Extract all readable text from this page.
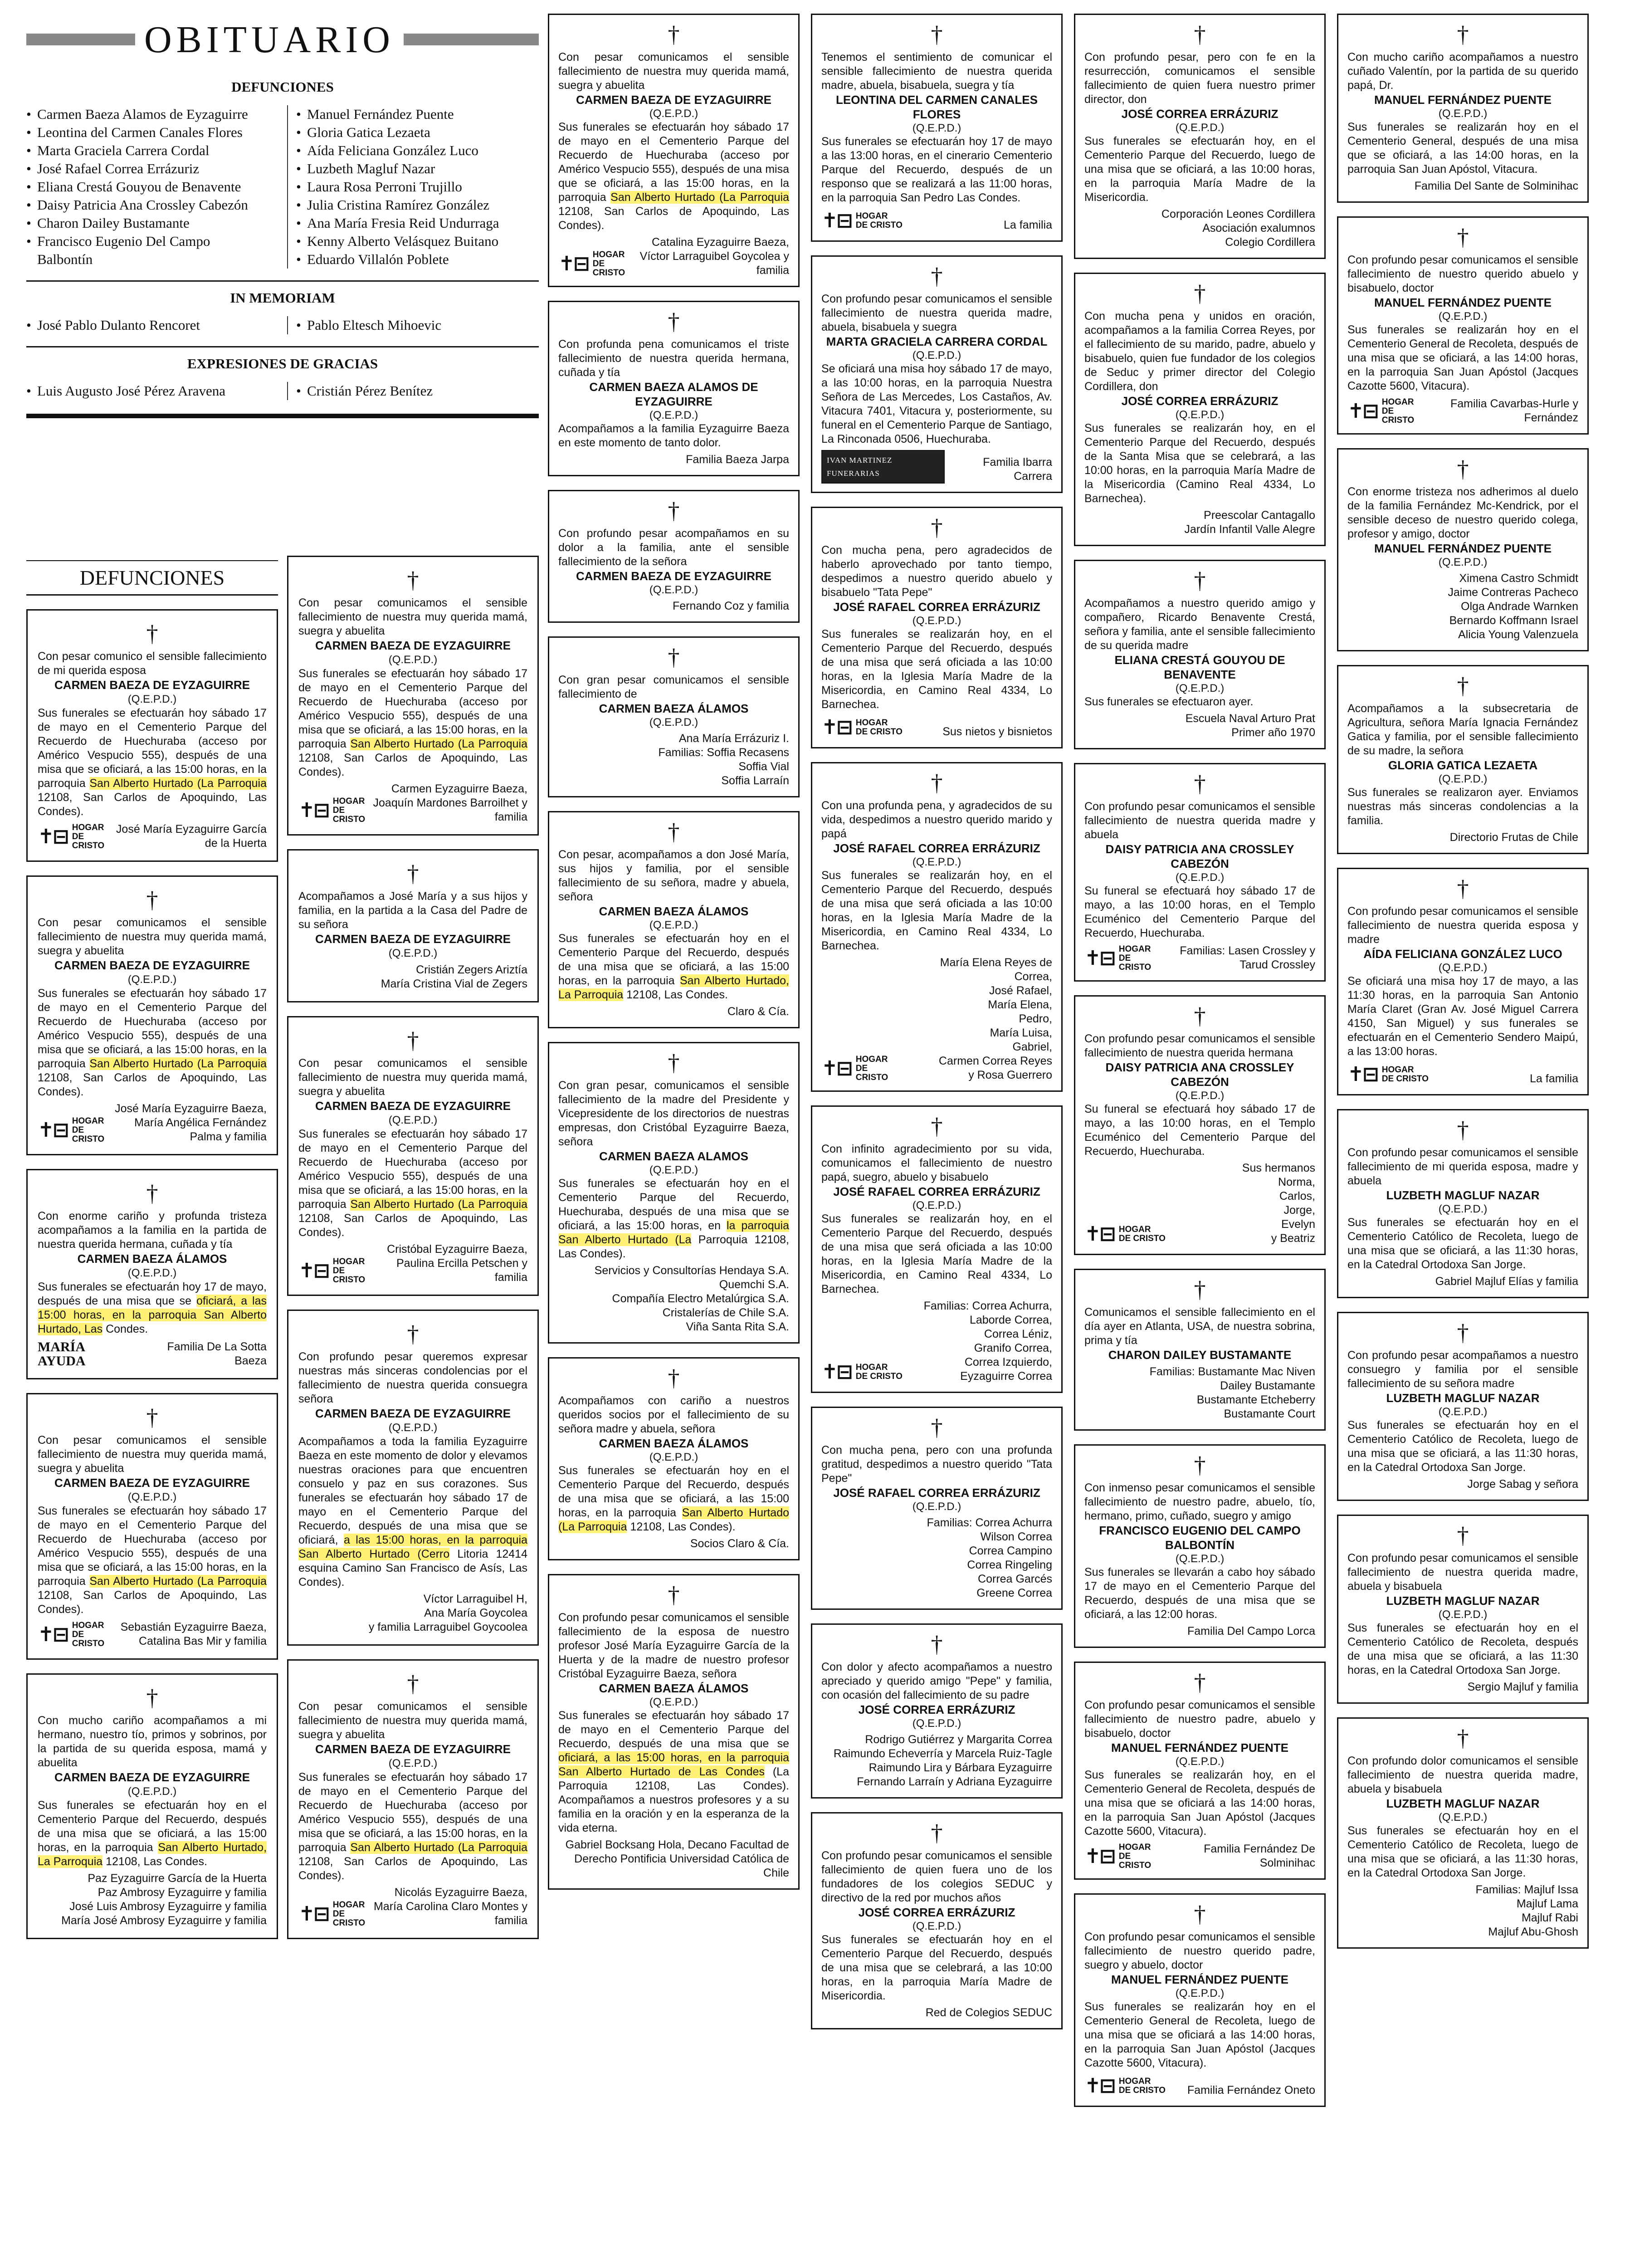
OBITUARIO
DEFUNCIONES
• Carmen Baeza Alamos de Eyzaguirre
• Leontina del Carmen Canales Flores
• Marta Graciela Carrera Cordal
• José Rafael Correa Errázuriz
• Eliana Crestá Gouyou de Benavente
• Daisy Patricia Ana Crossley Cabezón
• Charon Dailey Bustamante
• Francisco Eugenio Del Campo Balbontín
• Manuel Fernández Puente
• Gloria Gatica Lezaeta
• Aída Feliciana González Luco
• Luzbeth Magluf Nazar
• Laura Rosa Perroni Trujillo
• Julia Cristina Ramírez González
• Ana María Fresia Reid Undurraga
• Kenny Alberto Velásquez Buitano
• Eduardo Villalón Poblete
IN MEMORIAM
• José Pablo Dulanto Rencoret	• Pablo Eltesch Mihoevic
EXPRESIONES DE GRACIAS
• Luis Augusto José Pérez Aravena	• Cristián Pérez Benítez
DEFUNCIONES
†
Con pesar comunico el sensible fallecimiento de mi querida esposa
CARMEN BAEZA DE EYZAGUIRRE
(Q.E.P.D.)
Sus funerales se efectuarán hoy sábado 17 de mayo en el Cementerio Parque del Recuerdo de Huechuraba (acceso por Américo Vespucio 555), después de una misa que se oficiará, a las 15:00 horas, en la parroquia San Alberto Hurtado (La Parroquia 12108, San Carlos de Apoquindo, Las Condes).
✝⊟ HOGAR
DE CRISTO
José María Eyzaguirre García de la Huerta
†
Con pesar comunicamos el sensible fallecimiento de nuestra muy querida mamá, suegra y abuelita
CARMEN BAEZA DE EYZAGUIRRE
(Q.E.P.D.)
Sus funerales se efectuarán hoy sábado 17 de mayo en el Cementerio Parque del Recuerdo de Huechuraba (acceso por Américo Vespucio 555), después de una misa que se oficiará, a las 15:00 horas, en la parroquia San Alberto Hurtado (La Parroquia 12108, San Carlos de Apoquindo, Las Condes).
✝⊟ HOGAR
DE CRISTO
José María Eyzaguirre Baeza, María Angélica Fernández Palma y familia
†
Con enorme cariño y profunda tristeza acompañamos a la familia en la partida de nuestra querida hermana, cuñada y tía
CARMEN BAEZA ÁLAMOS
(Q.E.P.D.)
Sus funerales se efectuarán hoy 17 de mayo, después de una misa que se oficiará, a las 15:00 horas, en la parroquia San Alberto Hurtado, Las Condes.
MARÍA AYUDA
Familia De La Sotta Baeza
†
Con pesar comunicamos el sensible fallecimiento de nuestra muy querida mamá, suegra y abuelita
CARMEN BAEZA DE EYZAGUIRRE
(Q.E.P.D.)
Sus funerales se efectuarán hoy sábado 17 de mayo en el Cementerio Parque del Recuerdo de Huechuraba (acceso por Américo Vespucio 555), después de una misa que se oficiará, a las 15:00 horas, en la parroquia San Alberto Hurtado (La Parroquia 12108, San Carlos de Apoquindo, Las Condes).
✝⊟ HOGAR
DE CRISTO
Sebastián Eyzaguirre Baeza, Catalina Bas Mir y familia
†
Con mucho cariño acompañamos a mi hermano, nuestro tío, primos y sobrinos, por la partida de su querida esposa, mamá y abuelita
CARMEN BAEZA DE EYZAGUIRRE
(Q.E.P.D.)
Sus funerales se efectuarán hoy en el Cementerio Parque del Recuerdo, después de una misa que se oficiará, a las 15:00 horas, en la parroquia San Alberto Hurtado, La Parroquia 12108, Las Condes.
Paz Eyzaguirre García de la Huerta
Paz Ambrosy Eyzaguirre y familia
José Luis Ambrosy Eyzaguirre y familia
María José Ambrosy Eyzaguirre y familia
†
Con pesar comunicamos el sensible fallecimiento de nuestra muy querida mamá, suegra y abuelita
CARMEN BAEZA DE EYZAGUIRRE
(Q.E.P.D.)
Sus funerales se efectuarán hoy sábado 17 de mayo en el Cementerio Parque del Recuerdo de Huechuraba (acceso por Américo Vespucio 555), después de una misa que se oficiará, a las 15:00 horas, en la parroquia San Alberto Hurtado (La Parroquia 12108, San Carlos de Apoquindo, Las Condes).
✝⊟ HOGAR
DE CRISTO
Carmen Eyzaguirre Baeza, Joaquín Mardones Barroilhet y familia
†
Acompañamos a José María y a sus hijos y familia, en la partida a la Casa del Padre de su señora
CARMEN BAEZA DE EYZAGUIRRE
(Q.E.P.D.)
Cristián Zegers Ariztía
María Cristina Vial de Zegers
†
Con pesar comunicamos el sensible fallecimiento de nuestra muy querida mamá, suegra y abuelita
CARMEN BAEZA DE EYZAGUIRRE
(Q.E.P.D.)
Sus funerales se efectuarán hoy sábado 17 de mayo en el Cementerio Parque del Recuerdo de Huechuraba (acceso por Américo Vespucio 555), después de una misa que se oficiará, a las 15:00 horas, en la parroquia San Alberto Hurtado (La Parroquia 12108, San Carlos de Apoquindo, Las Condes).
✝⊟ HOGAR
DE CRISTO
Cristóbal Eyzaguirre Baeza, Paulina Ercilla Petschen y familia
†
Con profundo pesar queremos expresar nuestras más sinceras condolencias por el fallecimiento de nuestra querida consuegra señora
CARMEN BAEZA DE EYZAGUIRRE
(Q.E.P.D.)
Acompañamos a toda la familia Eyzaguirre Baeza en este momento de dolor y elevamos nuestras oraciones para que encuentren consuelo y paz en sus corazones. Sus funerales se efectuarán hoy sábado 17 de mayo en el Cementerio Parque del Recuerdo, después de una misa que se oficiará, a las 15:00 horas, en la parroquia San Alberto Hurtado (Cerro Litoria 12414 esquina Camino San Francisco de Asís, Las Condes).
Víctor Larraguibel H,
Ana María Goycolea
y familia Larraguibel Goycoolea
†
Con pesar comunicamos el sensible fallecimiento de nuestra muy querida mamá, suegra y abuelita
CARMEN BAEZA DE EYZAGUIRRE
(Q.E.P.D.)
Sus funerales se efectuarán hoy sábado 17 de mayo en el Cementerio Parque del Recuerdo de Huechuraba (acceso por Américo Vespucio 555), después de una misa que se oficiará, a las 15:00 horas, en la parroquia San Alberto Hurtado (La Parroquia 12108, San Carlos de Apoquindo, Las Condes).
✝⊟ HOGAR
DE CRISTO
Nicolás Eyzaguirre Baeza, María Carolina Claro Montes y familia
†
Con pesar comunicamos el sensible fallecimiento de nuestra muy querida mamá, suegra y abuelita
CARMEN BAEZA DE EYZAGUIRRE
(Q.E.P.D.)
Sus funerales se efectuarán hoy sábado 17 de mayo en el Cementerio Parque del Recuerdo de Huechuraba (acceso por Américo Vespucio 555), después de una misa que se oficiará, a las 15:00 horas, en la parroquia San Alberto Hurtado (La Parroquia 12108, San Carlos de Apoquindo, Las Condes).
✝⊟ HOGAR
DE CRISTO
Catalina Eyzaguirre Baeza, Víctor Larraguibel Goycolea y familia
†
Con profunda pena comunicamos el triste fallecimiento de nuestra querida hermana, cuñada y tía
CARMEN BAEZA ALAMOS DE EYZAGUIRRE
(Q.E.P.D.)
Acompañamos a la familia Eyzaguirre Baeza en este momento de tanto dolor.
Familia Baeza Jarpa
†
Con profundo pesar acompañamos en su dolor a la familia, ante el sensible fallecimiento de la señora
CARMEN BAEZA DE EYZAGUIRRE
(Q.E.P.D.)
Fernando Coz y familia
†
Con gran pesar comunicamos el sensible fallecimiento de
CARMEN BAEZA ÁLAMOS
(Q.E.P.D.)
Ana María Errázuriz I.
Familias: Soffia Recasens
Soffia Vial
Soffia Larraín
†
Con pesar, acompañamos a don José María, sus hijos y familia, por el sensible fallecimiento de su señora, madre y abuela, señora
CARMEN BAEZA ÁLAMOS
(Q.E.P.D.)
Sus funerales se efectuarán hoy en el Cementerio Parque del Recuerdo, después de una misa que se oficiará, a las 15:00 horas, en la parroquia San Alberto Hurtado, La Parroquia 12108, Las Condes.
Claro & Cía.
†
Con gran pesar, comunicamos el sensible fallecimiento de la madre del Presidente y Vicepresidente de los directorios de nuestras empresas, don Cristóbal Eyzaguirre Baeza, señora
CARMEN BAEZA ALAMOS
(Q.E.P.D.)
Sus funerales se efectuarán hoy en el Cementerio Parque del Recuerdo, Huechuraba, después de una misa que se oficiará, a las 15:00 horas, en la parroquia San Alberto Hurtado (La Parroquia 12108, Las Condes).
Servicios y Consultorías Hendaya S.A.
Quemchi S.A.
Compañía Electro Metalúrgica S.A.
Cristalerías de Chile S.A.
Viña Santa Rita S.A.
†
Acompañamos con cariño a nuestros queridos socios por el fallecimiento de su señora madre y abuela, señora
CARMEN BAEZA ÁLAMOS
(Q.E.P.D.)
Sus funerales se efectuarán hoy en el Cementerio Parque del Recuerdo, después de una misa que se oficiará, a las 15:00 horas, en la parroquia San Alberto Hurtado (La Parroquia 12108, Las Condes).
Socios Claro & Cía.
†
Con profundo pesar comunicamos el sensible fallecimiento de la esposa de nuestro profesor José María Eyzaguirre García de la Huerta y de la madre de nuestro profesor Cristóbal Eyzaguirre Baeza, señora
CARMEN BAEZA ÁLAMOS
(Q.E.P.D.)
Sus funerales se efectuarán hoy sábado 17 de mayo en el Cementerio Parque del Recuerdo, después de una misa que se oficiará, a las 15:00 horas, en la parroquia San Alberto Hurtado de Las Condes (La Parroquia 12108, Las Condes). Acompañamos a nuestros profesores y a su familia en la oración y en la esperanza de la vida eterna.
Gabriel Bocksang Hola, Decano Facultad de Derecho Pontificia Universidad Católica de Chile
†
Tenemos el sentimiento de comunicar el sensible fallecimiento de nuestra querida madre, abuela, bisabuela, suegra y tía
LEONTINA DEL CARMEN CANALES FLORES
(Q.E.P.D.)
Sus funerales se efectuarán hoy 17 de mayo a las 13:00 horas, en el cinerario Cementerio Parque del Recuerdo, después de un responso que se realizará a las 11:00 horas, en la parroquia San Pedro Las Condes.
✝⊟ HOGAR
DE CRISTO	La familia
†
Con profundo pesar comunicamos el sensible fallecimiento de nuestra querida madre, abuela, bisabuela y suegra
MARTA GRACIELA CARRERA CORDAL
(Q.E.P.D.)
Se oficiará una misa hoy sábado 17 de mayo, a las 10:00 horas, en la parroquia Nuestra Señora de Las Mercedes, Los Castaños, Av. Vitacura 7401, Vitacura y, posteriormente, su funeral en el Cementerio Parque de Santiago, La Rinconada 0506, Huechuraba.
IVAN MARTINEZ FUNERARIAS
Familia Ibarra Carrera
†
Con mucha pena, pero agradecidos de haberlo aprovechado por tanto tiempo, despedimos a nuestro querido abuelo y bisabuelo "Tata Pepe"
JOSÉ RAFAEL CORREA ERRÁZURIZ
(Q.E.P.D.)
Sus funerales se realizarán hoy, en el Cementerio Parque del Recuerdo, después de una misa que será oficiada a las 10:00 horas, en la Iglesia María Madre de la Misericordia, en Camino Real 4334, Lo Barnechea.
✝⊟ HOGAR
DE CRISTO	Sus nietos y bisnietos
†
Con una profunda pena, y agradecidos de su vida, despedimos a nuestro querido marido y papá
JOSÉ RAFAEL CORREA ERRÁZURIZ
(Q.E.P.D.)
Sus funerales se realizarán hoy, en el Cementerio Parque del Recuerdo, después de una misa que será oficiada a las 10:00 horas, en la Iglesia María Madre de la Misericordia, en Camino Real 4334, Lo Barnechea.
✝⊟ HOGAR
DE CRISTO
María Elena Reyes de Correa,
José Rafael,
María Elena,
Pedro,
María Luisa,
Gabriel,
Carmen Correa Reyes
y Rosa Guerrero
†
Con infinito agradecimiento por su vida, comunicamos el fallecimiento de nuestro papá, suegro, abuelo y bisabuelo
JOSÉ RAFAEL CORREA ERRÁZURIZ
(Q.E.P.D.)
Sus funerales se realizarán hoy, en el Cementerio Parque del Recuerdo, después de una misa que será oficiada a las 10:00 horas, en la Iglesia María Madre de la Misericordia, en Camino Real 4334, Lo Barnechea.
✝⊟ HOGAR
DE CRISTO
Familias: Correa Achurra,
Laborde Correa,
Correa Léniz,
Granifo Correa,
Correa Izquierdo,
Eyzaguirre Correa
†
Con mucha pena, pero con una profunda gratitud, despedimos a nuestro querido "Tata Pepe"
JOSÉ RAFAEL CORREA ERRÁZURIZ
(Q.E.P.D.)
Familias: Correa Achurra
Wilson Correa
Correa Campino
Correa Ringeling
Correa Garcés
Greene Correa
†
Con dolor y afecto acompañamos a nuestro apreciado y querido amigo "Pepe" y familia, con ocasión del fallecimiento de su padre
JOSÉ CORREA ERRÁZURIZ
(Q.E.P.D.)
Rodrigo Gutiérrez y Margarita Correa
Raimundo Echeverría y Marcela Ruiz-Tagle
Raimundo Lira y Bárbara Eyzaguirre
Fernando Larraín y Adriana Eyzaguirre
†
Con profundo pesar comunicamos el sensible fallecimiento de quien fuera uno de los fundadores de los colegios SEDUC y directivo de la red por muchos años
JOSÉ CORREA ERRÁZURIZ
(Q.E.P.D.)
Sus funerales se efectuarán hoy en el Cementerio Parque del Recuerdo, después de una misa que se celebrará, a las 10:00 horas, en la parroquia María Madre de Misericordia.
Red de Colegios SEDUC
†
Con profundo pesar, pero con fe en la resurrección, comunicamos el sensible fallecimiento de quien fuera nuestro primer director, don
JOSÉ CORREA ERRÁZURIZ
(Q.E.P.D.)
Sus funerales se efectuarán hoy, en el Cementerio Parque del Recuerdo, luego de una misa que se oficiará, a las 10:00 horas, en la parroquia María Madre de la Misericordia.
Corporación Leones Cordillera
Asociación exalumnos
Colegio Cordillera
†
Con mucha pena y unidos en oración, acompañamos a la familia Correa Reyes, por el fallecimiento de su marido, padre, abuelo y bisabuelo, quien fue fundador de los colegios de Seduc y primer director del Colegio Cordillera, don
JOSÉ CORREA ERRÁZURIZ
(Q.E.P.D.)
Sus funerales se realizarán hoy, en el Cementerio Parque del Recuerdo, después de la Santa Misa que se celebrará, a las 10:00 horas, en la parroquia María Madre de la Misericordia (Camino Real 4334, Lo Barnechea).
Preescolar Cantagallo
Jardín Infantil Valle Alegre
†
Acompañamos a nuestro querido amigo y compañero, Ricardo Benavente Crestá, señora y familia, ante el sensible fallecimiento de su querida madre
ELIANA CRESTÁ GOUYOU DE BENAVENTE
(Q.E.P.D.)
Sus funerales se efectuaron ayer.
Escuela Naval Arturo Prat
Primer año 1970
†
Con profundo pesar comunicamos el sensible fallecimiento de nuestra querida madre y abuela
DAISY PATRICIA ANA CROSSLEY CABEZÓN
(Q.E.P.D.)
Su funeral se efectuará hoy sábado 17 de mayo, a las 10:00 horas, en el Templo Ecuménico del Cementerio Parque del Recuerdo, Huechuraba.
✝⊟ HOGAR
DE CRISTO
Familias: Lasen Crossley y Tarud Crossley
†
Con profundo pesar comunicamos el sensible fallecimiento de nuestra querida hermana
DAISY PATRICIA ANA CROSSLEY CABEZÓN
(Q.E.P.D.)
Su funeral se efectuará hoy sábado 17 de mayo, a las 10:00 horas, en el Templo Ecuménico del Cementerio Parque del Recuerdo, Huechuraba.
✝⊟ HOGAR
DE CRISTO
Sus hermanos
Norma,
Carlos,
Jorge,
Evelyn
y Beatriz
†
Comunicamos el sensible fallecimiento en el día ayer en Atlanta, USA, de nuestra sobrina, prima y tía
CHARON DAILEY BUSTAMANTE
Familias: Bustamante Mac Niven
Dailey Bustamante
Bustamante Etcheberry
Bustamante Court
†
Con inmenso pesar comunicamos el sensible fallecimiento de nuestro padre, abuelo, tío, hermano, primo, cuñado, suegro y amigo
FRANCISCO EUGENIO DEL CAMPO BALBONTÍN
(Q.E.P.D.)
Sus funerales se llevarán a cabo hoy sábado 17 de mayo en el Cementerio Parque del Recuerdo, después de una misa que se oficiará, a las 12:00 horas.
Familia Del Campo Lorca
†
Con profundo pesar comunicamos el sensible fallecimiento de nuestro padre, abuelo y bisabuelo, doctor
MANUEL FERNÁNDEZ PUENTE
(Q.E.P.D.)
Sus funerales se realizarán hoy, en el Cementerio General de Recoleta, después de una misa que se oficiará a las 14:00 horas, en la parroquia San Juan Apóstol (Jacques Cazotte 5600, Vitacura).
✝⊟ HOGAR
DE CRISTO
Familia Fernández De Solminihac
†
Con profundo pesar comunicamos el sensible fallecimiento de nuestro querido padre, suegro y abuelo, doctor
MANUEL FERNÁNDEZ PUENTE
(Q.E.P.D.)
Sus funerales se realizarán hoy en el Cementerio General de Recoleta, luego de una misa que se oficiará a las 14:00 horas, en la parroquia San Juan Apóstol (Jacques Cazotte 5600, Vitacura).
✝⊟ HOGAR
DE CRISTO Familia Fernández Oneto
†
Con mucho cariño acompañamos a nuestro cuñado Valentín, por la partida de su querido papá, Dr.
MANUEL FERNÁNDEZ PUENTE
(Q.E.P.D.)
Sus funerales se realizarán hoy en el Cementerio General, después de una misa que se oficiará, a las 14:00 horas, en la parroquia San Juan Apóstol, Vitacura.
Familia Del Sante de Solminihac
†
Con profundo pesar comunicamos el sensible fallecimiento de nuestro querido abuelo y bisabuelo, doctor
MANUEL FERNÁNDEZ PUENTE
(Q.E.P.D.)
Sus funerales se realizarán hoy en el Cementerio General de Recoleta, después de una misa que se oficiará, a las 14:00 horas, en la parroquia San Juan Apóstol (Jacques Cazotte 5600, Vitacura).
✝⊟ HOGAR
DE CRISTO
Familia Cavarbas-Hurle y Fernández
†
Con enorme tristeza nos adherimos al duelo de la familia Fernández Mc-Kendrick, por el sensible deceso de nuestro querido colega, profesor y amigo, doctor
MANUEL FERNÁNDEZ PUENTE
(Q.E.P.D.)
Ximena Castro Schmidt
Jaime Contreras Pacheco
Olga Andrade Warnken
Bernardo Koffmann Israel
Alicia Young Valenzuela
†
Acompañamos a la subsecretaria de Agricultura, señora María Ignacia Fernández Gatica y familia, por el sensible fallecimiento de su madre, la señora
GLORIA GATICA LEZAETA
(Q.E.P.D.)
Sus funerales se realizaron ayer. Enviamos nuestras más sinceras condolencias a la familia.
Directorio Frutas de Chile
†
Con profundo pesar comunicamos el sensible fallecimiento de nuestra querida esposa y madre
AÍDA FELICIANA GONZÁLEZ LUCO
(Q.E.P.D.)
Se oficiará una misa hoy 17 de mayo, a las 11:30 horas, en la parroquia San Antonio María Claret (Gran Av. José Miguel Carrera 4150, San Miguel) y sus funerales se efectuarán en el Cementerio Sendero Maipú, a las 13:00 horas.
✝⊟ HOGAR
DE CRISTO	La familia
†
Con profundo pesar comunicamos el sensible fallecimiento de mi querida esposa, madre y abuela
LUZBETH MAGLUF NAZAR
(Q.E.P.D.)
Sus funerales se efectuarán hoy en el Cementerio Católico de Recoleta, luego de una misa que se oficiará, a las 11:30 horas, en la Catedral Ortodoxa San Jorge.
Gabriel Majluf Elías y familia
†
Con profundo pesar acompañamos a nuestro consuegro y familia por el sensible fallecimiento de su señora madre
LUZBETH MAGLUF NAZAR
(Q.E.P.D.)
Sus funerales se efectuarán hoy en el Cementerio Católico de Recoleta, luego de una misa que se oficiará, a las 11:30 horas, en la Catedral Ortodoxa San Jorge.
Jorge Sabag y señora
†
Con profundo pesar comunicamos el sensible fallecimiento de nuestra querida madre, abuela y bisabuela
LUZBETH MAGLUF NAZAR
(Q.E.P.D.)
Sus funerales se efectuarán hoy en el Cementerio Católico de Recoleta, después de una misa que se oficiará, a las 11:30 horas, en la Catedral Ortodoxa San Jorge.
Sergio Majluf y familia
†
Con profundo dolor comunicamos el sensible fallecimiento de nuestra querida madre, abuela y bisabuela
LUZBETH MAGLUF NAZAR
(Q.E.P.D.)
Sus funerales se efectuarán hoy en el Cementerio Católico de Recoleta, luego de una misa que se oficiará, a las 11:30 horas, en la Catedral Ortodoxa San Jorge.
Familias: Majluf Issa
Majluf Lama
Majluf Rabi
Majluf Abu-Ghosh
